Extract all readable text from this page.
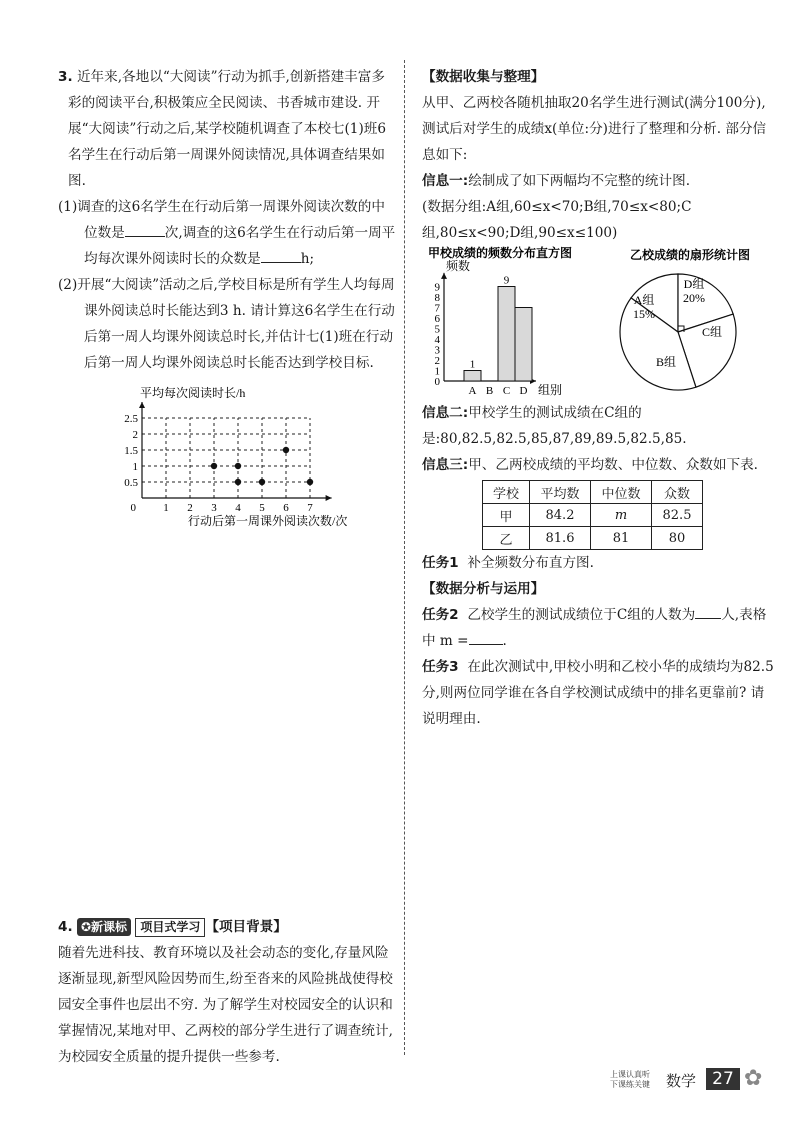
3. 近年来,各地以“大阅读”行动为抓手,创新搭建丰富多彩的阅读平台,积极策应全民阅读、书香城市建设. 开展“大阅读”行动之后,某学校随机调查了本校七(1)班6名学生在行动后第一周课外阅读情况,具体调查结果如图.

(1)调查的这6名学生在行动后第一周课外阅读次数的中位数是	次,调查的这6名学生在行动后第一周平均每次课外阅读时长的众数是	h;

(2)开展“大阅读”活动之后,学校目标是所有学生人均每周课外阅读总时长能达到3 h. 请计算这6名学生在行动后第一周人均课外阅读总时长,并估计七(1)班在行动后第一周人均课外阅读总时长能否达到学校目标.

1 2 3 4 5 6 7
0.5
1
1.5
2
2.5
0
平均每次阅读时长/h
行动后第一周课外阅读次数/次

4. ✪新课标 项目式学习 【项目背景】

随着先进科技、教育环境以及社会动态的变化,存量风险逐渐显现,新型风险因势而生,纷至沓来的风险挑战使得校园安全事件也层出不穷. 为了解学生对校园安全的认识和掌握情况,某地对甲、乙两校的部分学生进行了调查统计,为校园安全质量的提升提供一些参考.

【数据收集与整理】

从甲、乙两校各随机抽取20名学生进行测试(满分100分),测试后对学生的成绩x(单位:分)进行了整理和分析. 部分信息如下:

信息一:绘制成了如下两幅均不完整的统计图.

(数据分组:A组,60≤x<70;B组,70≤x<80;C组,80≤x<90;D组,90≤x≤100)

甲校成绩的频数分布直方图
频数
组别
0
1
2
3
4
5
6
7
8
9
A B C D
1
9
乙校成绩的扇形统计图
A组
15%
D组
20%
C组
B组

信息二:甲校学生的测试成绩在C组的是:80,82.5,82.5,85,87,89,89.5,82.5,85.

信息三:甲、乙两校成绩的平均数、中位数、众数如下表.

学校	平均数	中位数	众数
甲	84.2	m	82.5
乙	81.6	81	80

任务1 补全频数分布直方图.

【数据分析与运用】

任务2 乙校学生的测试成绩位于C组的人数为 人,表格中 m =	.

任务3 在此次测试中,甲校小明和乙校小华的成绩均为82.5分,则两位同学谁在各自学校测试成绩中的排名更靠前? 请说明理由.

上课认真听
下课练关键 数学 27 ✿
